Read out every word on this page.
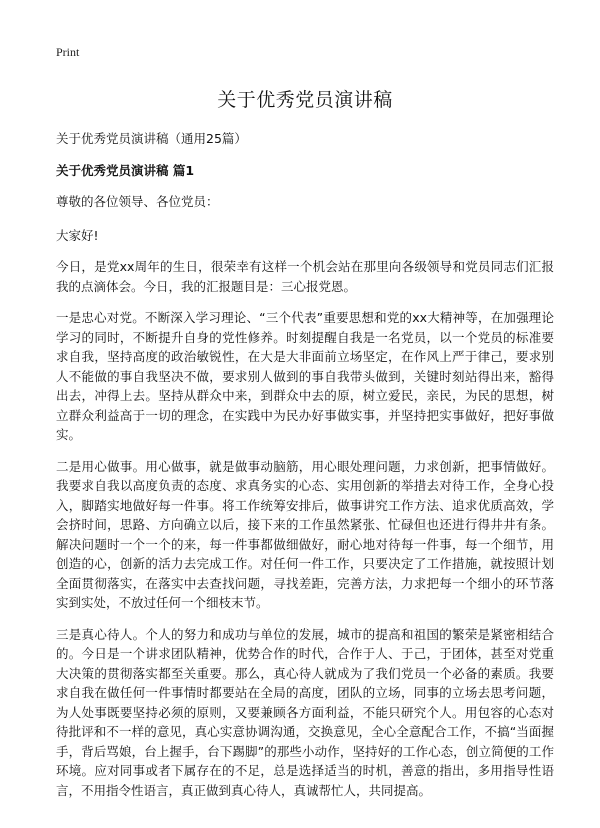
Print

关于优秀党员演讲稿

关于优秀党员演讲稿（通用25篇）

关于优秀党员演讲稿 篇1

尊敬的各位领导、各位党员：

大家好!

今日，是党xx周年的生日，很荣幸有这样一个机会站在那里向各级领导和党员同志们汇报我的点滴体会。今日，我的汇报题目是：三心报党恩。

一是忠心对党。不断深入学习理论、“三个代表”重要思想和党的xx大精神等，在加强理论学习的同时，不断提升自身的党性修养。时刻提醒自我是一名党员，以一个党员的标准要求自我，坚持高度的政治敏锐性，在大是大非面前立场坚定，在作风上严于律己，要求别人不能做的事自我坚决不做，要求别人做到的事自我带头做到，关键时刻站得出来，豁得出去，冲得上去。坚持从群众中来，到群众中去的原，树立爱民，亲民，为民的思想，树立群众利益高于一切的理念，在实践中为民办好事做实事，并坚持把实事做好，把好事做实。

二是用心做事。用心做事，就是做事动脑筋，用心眼处理问题，力求创新，把事情做好。我要求自我以高度负责的态度、求真务实的心态、实用创新的举措去对待工作，全身心投入，脚踏实地做好每一件事。将工作统筹安排后，做事讲究工作方法、追求优质高效，学会挤时间，思路、方向确立以后，接下来的工作虽然紧张、忙碌但也还进行得井井有条。解决问题时一个一个的来，每一件事都做细做好，耐心地对待每一件事，每一个细节，用创造的心，创新的活力去完成工作。对任何一件工作，只要决定了工作措施，就按照计划全面贯彻落实，在落实中去查找问题，寻找差距，完善方法，力求把每一个细小的环节落实到实处，不放过任何一个细枝末节。

三是真心待人。个人的努力和成功与单位的发展，城市的提高和祖国的繁荣是紧密相结合的。今日是一个讲求团队精神，优势合作的时代，合作于人、于己，于团体，甚至对党重大决策的贯彻落实都至关重要。那么，真心待人就成为了我们党员一个必备的素质。我要求自我在做任何一件事情时都要站在全局的高度，团队的立场，同事的立场去思考问题，为人处事既要坚持必须的原则，又要兼顾各方面利益，不能只研究个人。用包容的心态对待批评和不一样的意见，真心实意协调沟通，交换意见，全心全意配合工作，不搞“当面握手，背后骂娘，台上握手，台下踢脚”的那些小动作，坚持好的工作心态，创立简便的工作环境。应对同事或者下属存在的不足，总是选择适当的时机，善意的指出，多用指导性语言，不用指令性语言，真正做到真心待人，真诚帮忙人，共同提高。
